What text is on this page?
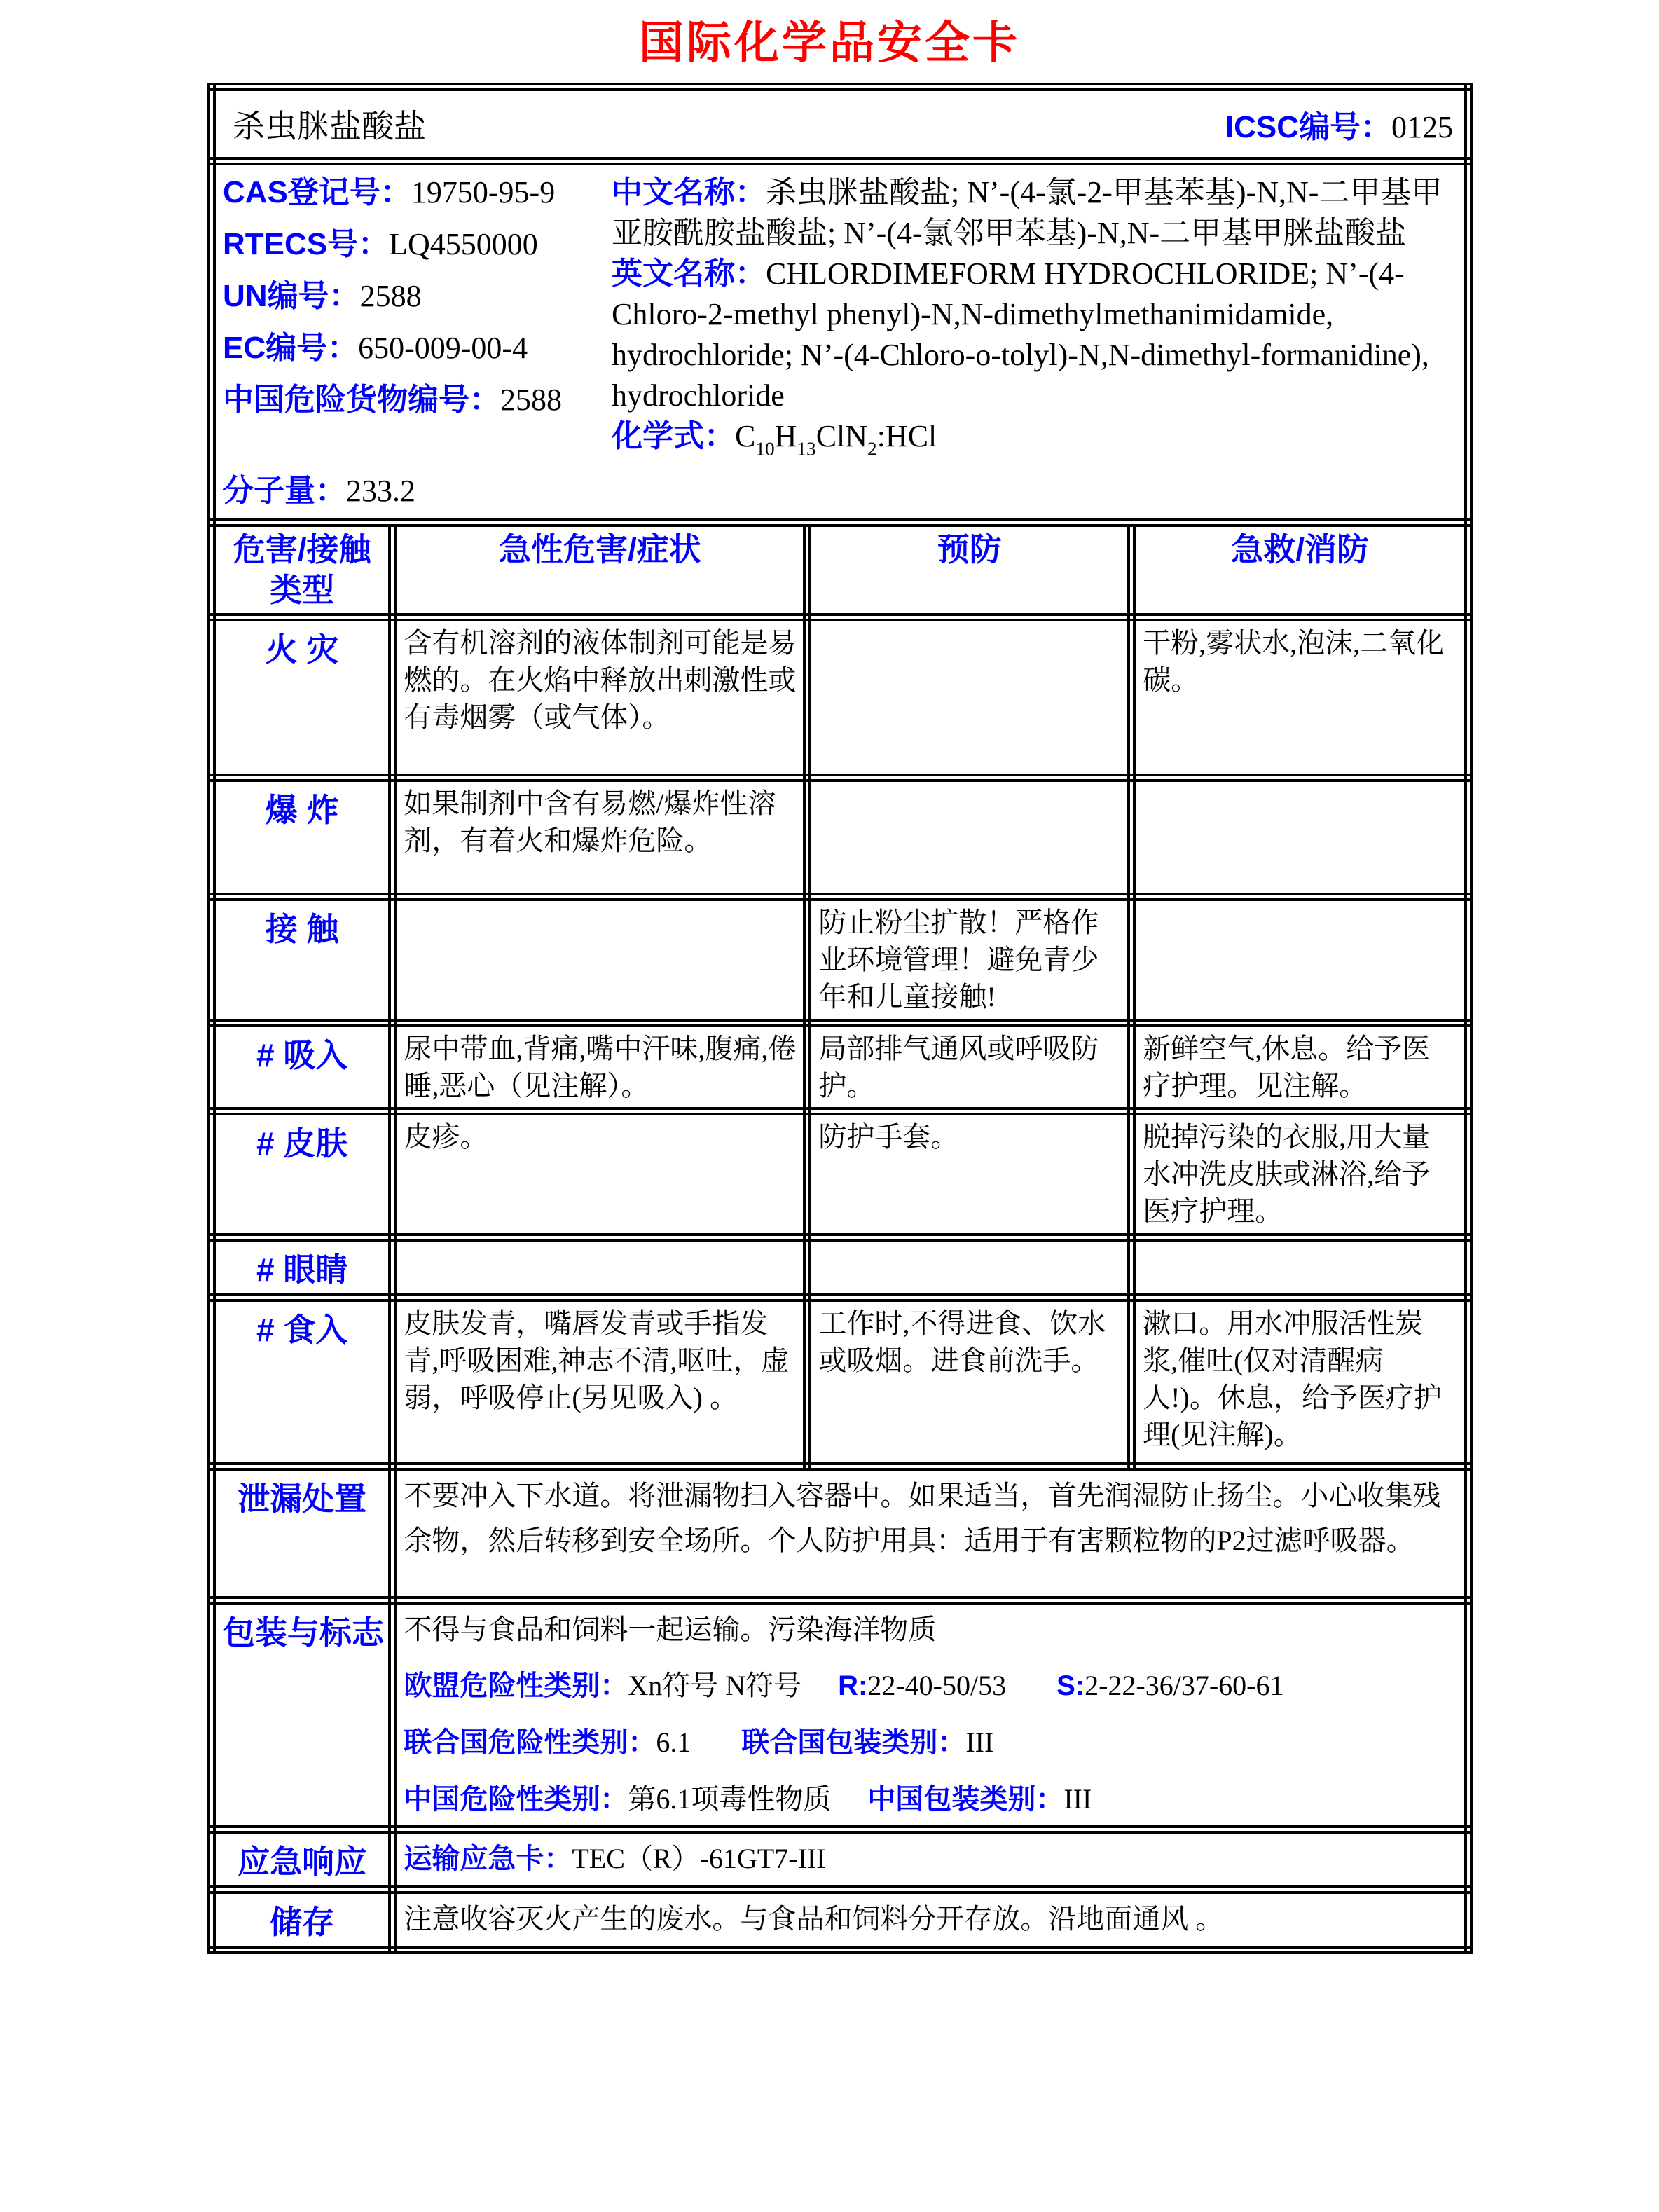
国际化学品安全卡
杀虫脒盐酸盐 ICSC编号：0125			

CAS登记号：19750-95-9
RTECS号：LQ4550000
UN编号：2588
EC编号：650-009-00-4
中国危险货物编号：2588
分子量：233.2

中文名称：杀虫脒盐酸盐; N’-(4-氯-2-甲基苯基)-N,N-二甲基甲亚胺酰胺盐酸盐; N’-(4-氯邻甲苯基)-N,N-二甲基甲脒盐酸盐

英文名称：CHLORDIMEFORM HYDROCHLORIDE; N’-(4-Chloro-2-methyl phenyl)-N,N-dimethylmethanimidamide, hydrochloride; N’-(4-Chloro-o-tolyl)-N,N-dimethyl-formanidine), hydrochloride

化学式：$C_{10}H_{13}ClN_2:HCl$

危害/接触
类型	急性危害/症状	预防	急救/消防
火 灾	含有机溶剂的液体制剂可能是易燃的。在火焰中释放出刺激性或有毒烟雾（或气体）。		干粉,雾状水,泡沫,二氧化碳。
爆 炸	如果制剂中含有易燃/爆炸性溶剂，有着火和爆炸危险。		
接 触		防止粉尘扩散！严格作业环境管理！避免青少年和儿童接触!	
# 吸入	尿中带血,背痛,嘴中汗味,腹痛,倦睡,恶心（见注解）。	局部排气通风或呼吸防护。	新鲜空气,休息。给予医疗护理。见注解。
# 皮肤	皮疹。	防护手套。	脱掉污染的衣服,用大量水冲洗皮肤或淋浴,给予医疗护理。
# 眼睛			
# 食入	皮肤发青，嘴唇发青或手指发青,呼吸困难,神志不清,呕吐，虚弱，呼吸停止(另见吸入) 。	工作时,不得进食、饮水或吸烟。进食前洗手。	漱口。用水冲服活性炭浆,催吐(仅对清醒病人!)。休息，给予医疗护理(见注解)。
泄漏处置	不要冲入下水道。将泄漏物扫入容器中。如果适当，首先润湿防止扬尘。小心收集残余物，然后转移到安全场所。个人防护用具：适用于有害颗粒物的P2过滤呼吸器。		
包装与标志	不得与食品和饲料一起运输。污染海洋物质

欧盟危险性类别：Xn符号 N符号 R:22-40-50/53 S:2-22-36/37-60-61

联合国危险性类别：6.1 联合国包装类别：III

中国危险性类别：第6.1项毒性物质 中国包装类别：III		

应急响应	运输应急卡：TEC（R）-61GT7-III		
储存	注意收容灭火产生的废水。与食品和饲料分开存放。沿地面通风 。		
